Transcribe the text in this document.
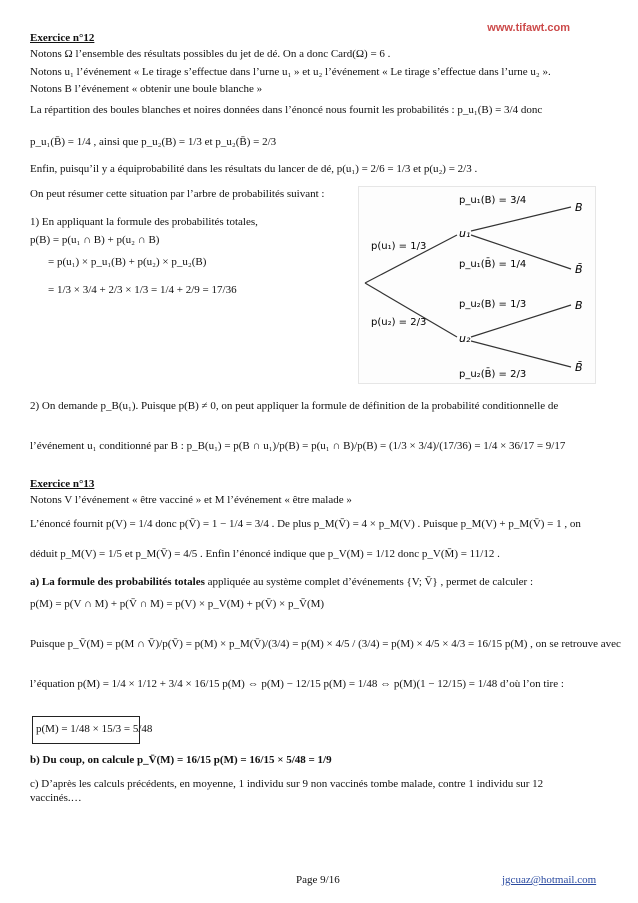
www.tifawt.com
Exercice n°12
Notons Ω l’ensemble des résultats possibles du jet de dé. On a donc Card(Ω) = 6 .
Notons u₁ l’événement « Le tirage s’effectue dans l’urne u₁ » et u₂ l’événement « Le tirage s’effectue dans l’urne u₂ ».
Notons B l’événement « obtenir une boule blanche »
La répartition des boules blanches et noires données dans l’énoncé nous fournit les probabilités : p_u₁(B) = 3/4 donc
p_u₁(B̄) = 1/4 , ainsi que p_u₂(B) = 1/3 et p_u₂(B̄) = 2/3
Enfin, puisqu’il y a équiprobabilité dans les résultats du lancer de dé, p(u₁) = 2/6 = 1/3 et p(u₂) = 2/3 .
On peut résumer cette situation par l’arbre de probabilités suivant :
1) En appliquant la formule des probabilités totales,
p(B) = p(u₁ ∩ B) + p(u₂ ∩ B)
= p(u₁) × p_u₁(B) + p(u₂) × p_u₂(B)
= 1/3 × 3/4 + 2/3 × 1/3 = 1/4 + 2/9 = 17/36
p(u₁) = 1/3
p(u₂) = 2/3
u₁
u₂
p_u₁(B) = 3/4
p_u₁(B̄) = 1/4
p_u₂(B) = 1/3
p_u₂(B̄) = 2/3
B
B̄
B
B̄
2) On demande p_B(u₁). Puisque p(B) ≠ 0, on peut appliquer la formule de définition de la probabilité conditionnelle de
l’événement u₁ conditionné par B : p_B(u₁) = p(B ∩ u₁)/p(B) = p(u₁ ∩ B)/p(B) = (1/3 × 3/4)/(17/36) = 1/4 × 36/17 = 9/17
Exercice n°13
Notons V l’événement « être vacciné » et M l’événement « être malade »
L’énoncé fournit p(V) = 1/4 donc p(V̄) = 1 − 1/4 = 3/4 . De plus p_M(V̄) = 4 × p_M(V) . Puisque p_M(V) + p_M(V̄) = 1 , on
déduit p_M(V) = 1/5 et p_M(V̄) = 4/5 . Enfin l’énoncé indique que p_V(M) = 1/12 donc p_V(M̄) = 11/12 .
a) La formule des probabilités totales appliquée au système complet d’événements {V; V̄} , permet de calculer :
p(M) = p(V ∩ M) + p(V̄ ∩ M) = p(V) × p_V(M) + p(V̄) × p_V̄(M)
Puisque p_V̄(M) = p(M ∩ V̄)/p(V̄) = p(M) × p_M(V̄)/(3/4) = p(M) × 4/5 / (3/4) = p(M) × 4/5 × 4/3 = 16/15 p(M) , on se retrouve avec
l’équation p(M) = 1/4 × 1/12 + 3/4 × 16/15 p(M) ⇔ p(M) − 12/15 p(M) = 1/48 ⇔ p(M)(1 − 12/15) = 1/48 d’où l’on tire :
p(M) = 1/48 × 15/3 = 5/48
b) Du coup, on calcule p_V̄(M) = 16/15 p(M) = 16/15 × 5/48 = 1/9
c) D’après les calculs précédents, en moyenne, 1 individu sur 9 non vaccinés tombe malade, contre 1 individu sur 12
vaccinés.…
Page 9/16	jgcuaz@hotmail.com
